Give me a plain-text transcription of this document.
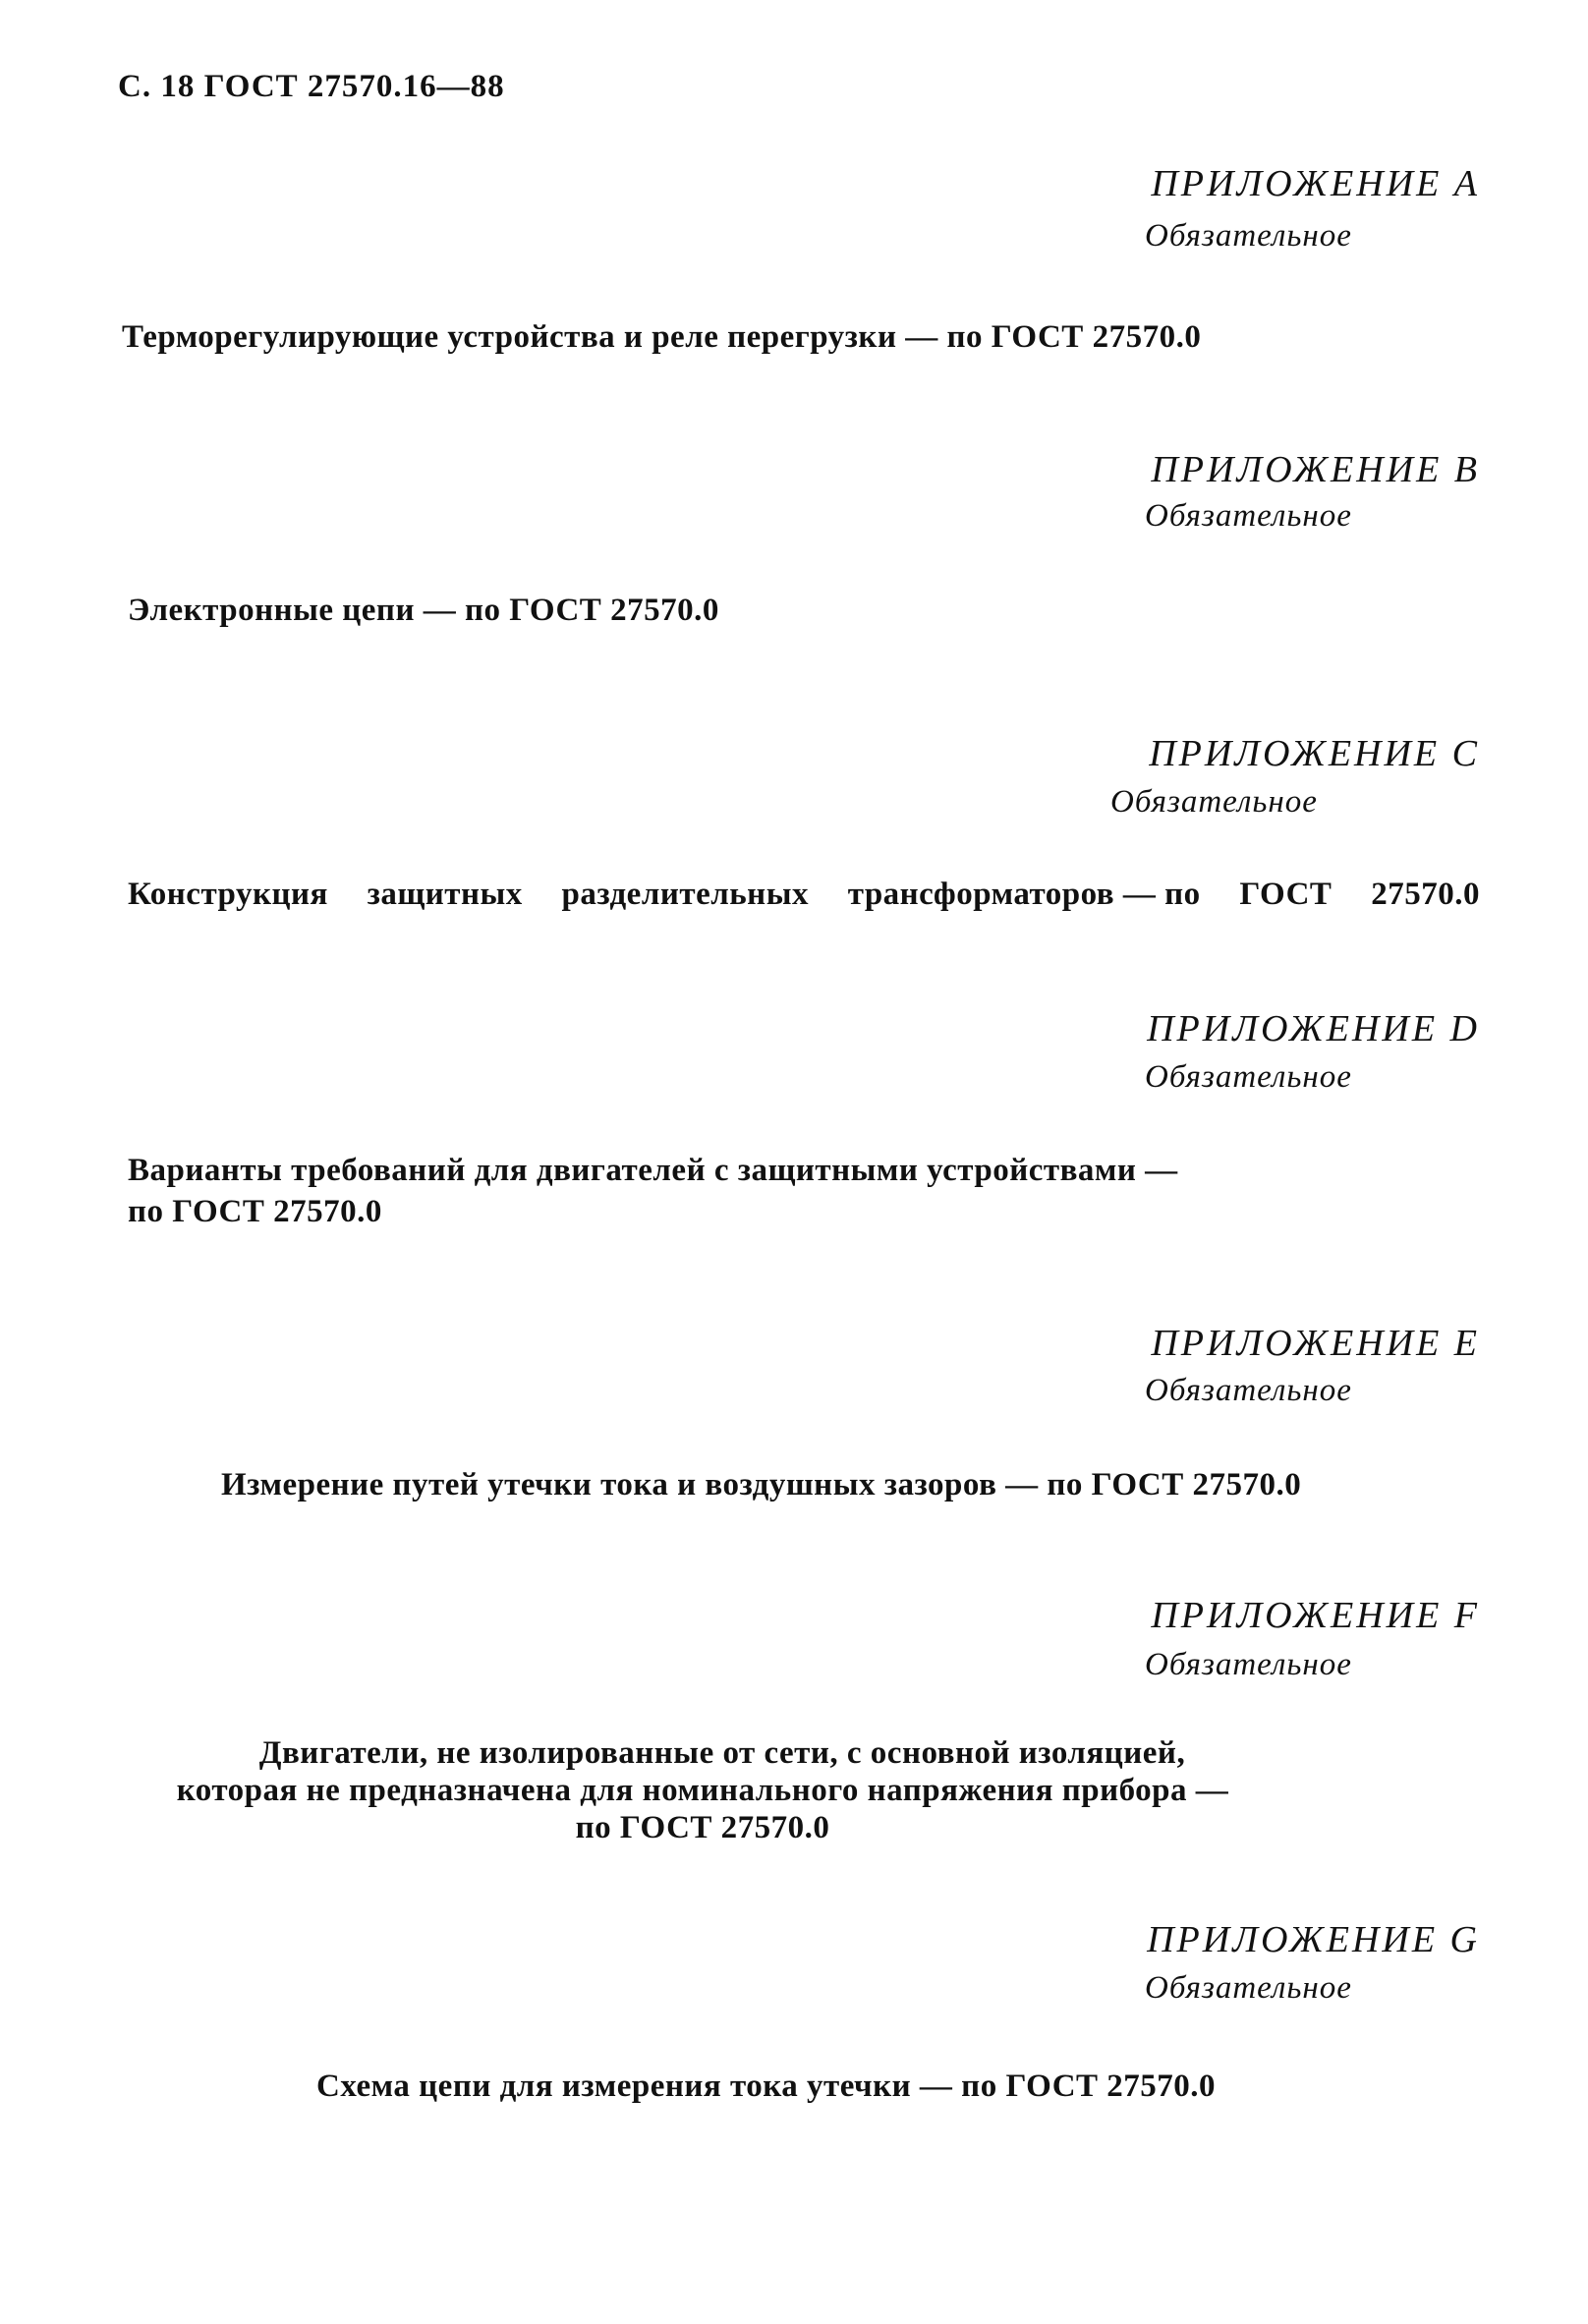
С. 18 ГОСТ 27570.16—88
ПРИЛОЖЕНИЕ А
Обязательное
Терморегулирующие устройства и реле перегрузки — по ГОСТ 27570.0
ПРИЛОЖЕНИЕ B
Обязательное
Электронные цепи — по ГОСТ 27570.0
ПРИЛОЖЕНИЕ C
Обязательное
Конструкция защитных разделительных трансформаторов — по ГОСТ 27570.0
ПРИЛОЖЕНИЕ D
Обязательное
Варианты требований для двигателей с защитными устройствами —
по ГОСТ 27570.0
ПРИЛОЖЕНИЕ E
Обязательное
Измерение путей утечки тока и воздушных зазоров — по ГОСТ 27570.0
ПРИЛОЖЕНИЕ F
Обязательное
Двигатели, не изолированные от сети, с основной изоляцией,
которая не предназначена для номинального напряжения прибора —
по ГОСТ 27570.0
ПРИЛОЖЕНИЕ G
Обязательное
Схема цепи для измерения тока утечки — по ГОСТ 27570.0
